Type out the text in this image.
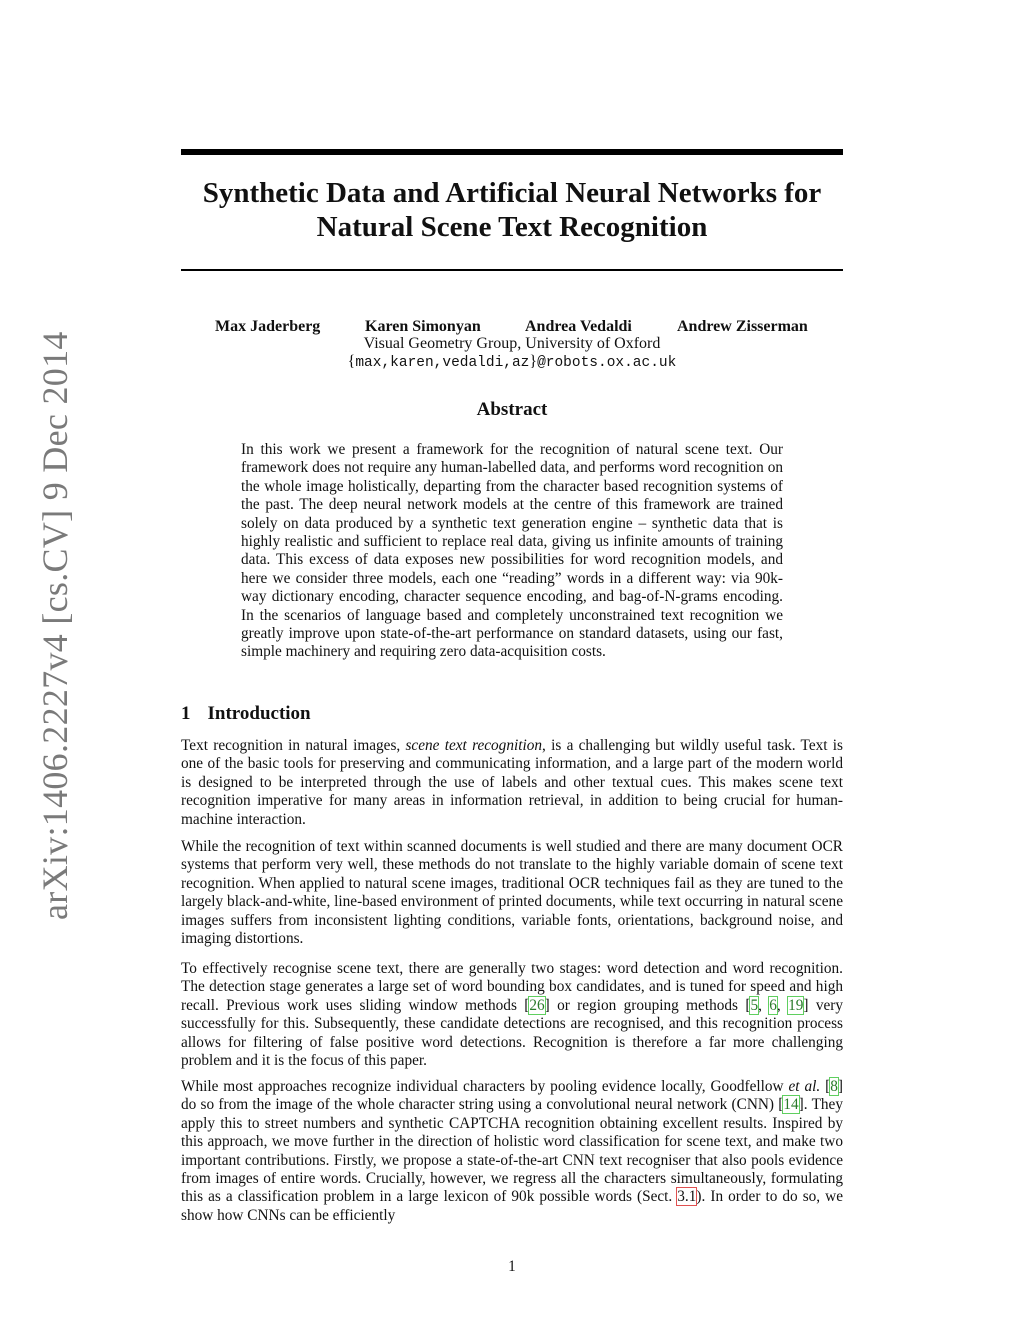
arXiv:1406.2227v4 [cs.CV] 9 Dec 2014
Synthetic Data and Artificial Neural Networks for
Natural Scene Text Recognition
Max Jaderberg	Karen Simonyan	Andrea Vedaldi	Andrew Zisserman
Visual Geometry Group, University of Oxford
{max,karen,vedaldi,az}@robots.ox.ac.uk
Abstract

In this work we present a framework for the recognition of natural scene text. Our framework does not require any human-labelled data, and performs word recognition on the whole image holistically, departing from the character based recognition systems of the past. The deep neural network models at the centre of this framework are trained solely on data produced by a synthetic text generation engine – synthetic data that is highly realistic and sufficient to replace real data, giving us infinite amounts of training data. This excess of data exposes new possibilities for word recognition models, and here we consider three models, each one “reading” words in a different way: via 90k-way dictionary encoding, character sequence encoding, and bag-of-N-grams encoding. In the scenarios of language based and completely unconstrained text recognition we greatly improve upon state-of-the-art performance on standard datasets, using our fast, simple machinery and requiring zero data-acquisition costs.

1 Introduction

Text recognition in natural images, scene text recognition, is a challenging but wildly useful task. Text is one of the basic tools for preserving and communicating information, and a large part of the modern world is designed to be interpreted through the use of labels and other textual cues. This makes scene text recognition imperative for many areas in information retrieval, in addition to being crucial for human-machine interaction.

While the recognition of text within scanned documents is well studied and there are many document OCR systems that perform very well, these methods do not translate to the highly variable domain of scene text recognition. When applied to natural scene images, traditional OCR techniques fail as they are tuned to the largely black-and-white, line-based environment of printed documents, while text occurring in natural scene images suffers from inconsistent lighting conditions, variable fonts, orientations, background noise, and imaging distortions.

To effectively recognise scene text, there are generally two stages: word detection and word recognition. The detection stage generates a large set of word bounding box candidates, and is tuned for speed and high recall. Previous work uses sliding window methods [26] or region grouping methods [5, 6, 19] very successfully for this. Subsequently, these candidate detections are recognised, and this recognition process allows for filtering of false positive word detections. Recognition is therefore a far more challenging problem and it is the focus of this paper.

While most approaches recognize individual characters by pooling evidence locally, Goodfellow et al. [8] do so from the image of the whole character string using a convolutional neural network (CNN) [14]. They apply this to street numbers and synthetic CAPTCHA recognition obtaining excellent results. Inspired by this approach, we move further in the direction of holistic word classification for scene text, and make two important contributions. Firstly, we propose a state-of-the-art CNN text recogniser that also pools evidence from images of entire words. Crucially, however, we regress all the characters simultaneously, formulating this as a classification problem in a large lexicon of 90k possible words (Sect. 3.1). In order to do so, we show how CNNs can be efficiently

1
